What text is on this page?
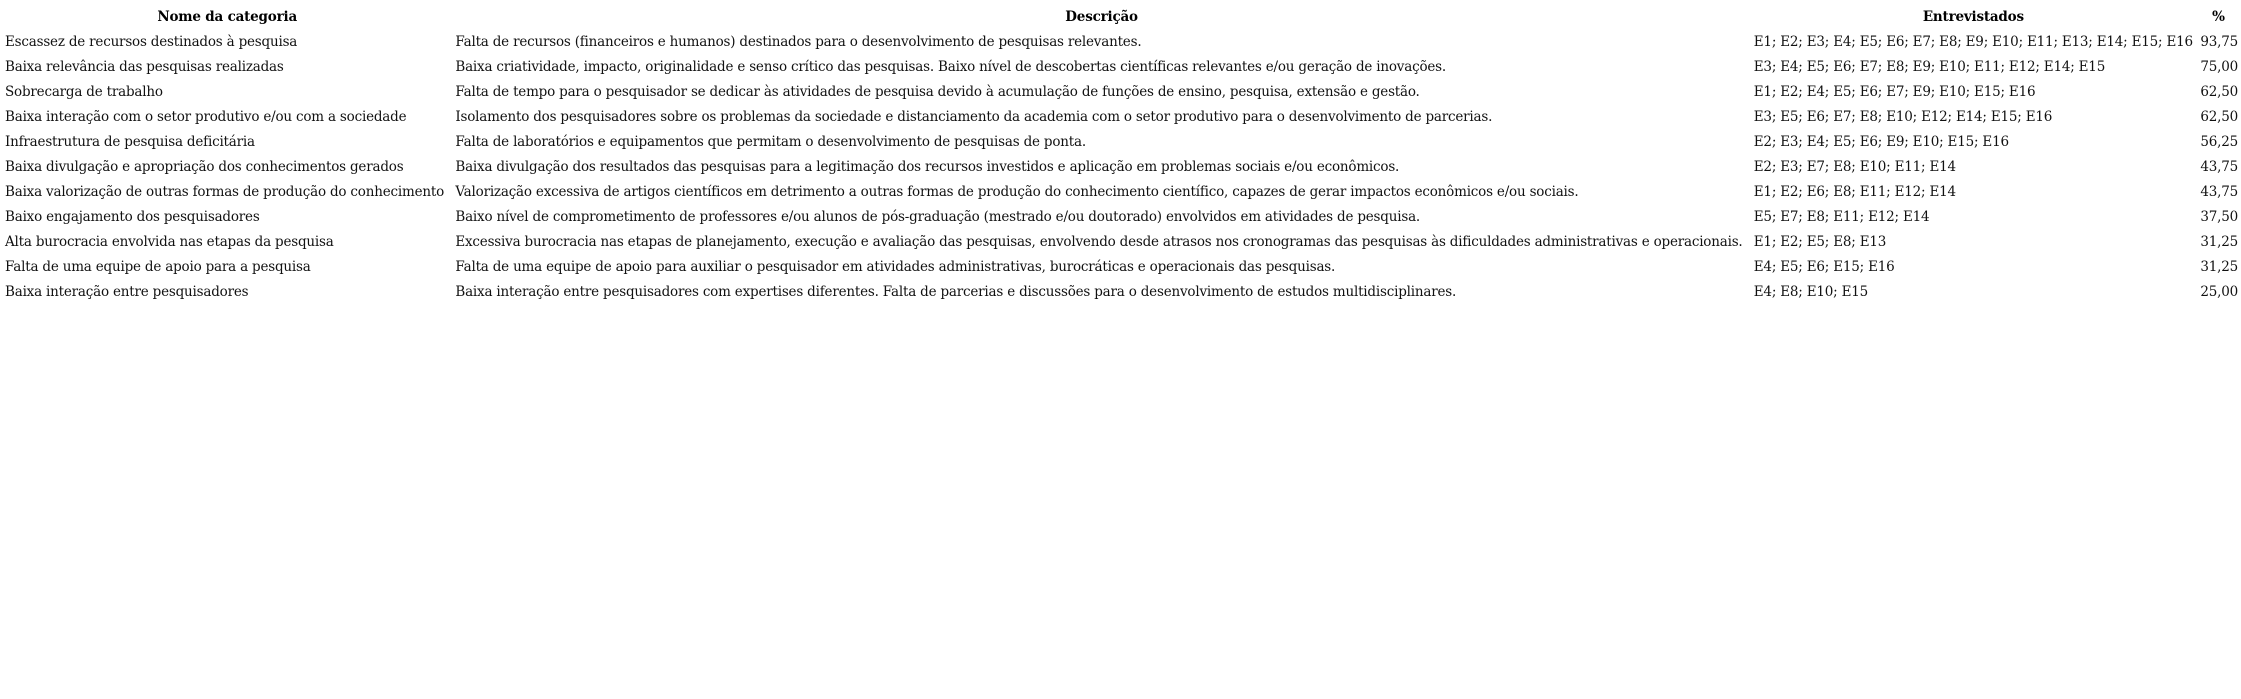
Nome da categoria	Descrição	Entrevistados	%
Escassez de recursos destinados à pesquisa	Falta de recursos (financeiros e humanos) destinados para o desenvolvimento de pesquisas relevantes.	E1; E2; E3; E4; E5; E6; E7; E8; E9; E10; E11; E13; E14; E15; E16	93,75
Baixa relevância das pesquisas realizadas	Baixa criatividade, impacto, originalidade e senso crítico das pesquisas. Baixo nível de descobertas científicas relevantes e/ou geração de inovações.	E3; E4; E5; E6; E7; E8; E9; E10; E11; E12; E14; E15	75,00
Sobrecarga de trabalho	Falta de tempo para o pesquisador se dedicar às atividades de pesquisa devido à acumulação de funções de ensino, pesquisa, extensão e gestão.	E1; E2; E4; E5; E6; E7; E9; E10; E15; E16	62,50
Baixa interação com o setor produtivo e/ou com a sociedade	Isolamento dos pesquisadores sobre os problemas da sociedade e distanciamento da academia com o setor produtivo para o desenvolvimento de parcerias.	E3; E5; E6; E7; E8; E10; E12; E14; E15; E16	62,50
Infraestrutura de pesquisa deficitária	Falta de laboratórios e equipamentos que permitam o desenvolvimento de pesquisas de ponta.	E2; E3; E4; E5; E6; E9; E10; E15; E16	56,25
Baixa divulgação e apropriação dos conhecimentos gerados	Baixa divulgação dos resultados das pesquisas para a legitimação dos recursos investidos e aplicação em problemas sociais e/ou econômicos.	E2; E3; E7; E8; E10; E11; E14	43,75
Baixa valorização de outras formas de produção do conhecimento	Valorização excessiva de artigos científicos em detrimento a outras formas de produção do conhecimento científico, capazes de gerar impactos econômicos e/ou sociais.	E1; E2; E6; E8; E11; E12; E14	43,75
Baixo engajamento dos pesquisadores	Baixo nível de comprometimento de professores e/ou alunos de pós-graduação (mestrado e/ou doutorado) envolvidos em atividades de pesquisa.	E5; E7; E8; E11; E12; E14	37,50
Alta burocracia envolvida nas etapas da pesquisa	Excessiva burocracia nas etapas de planejamento, execução e avaliação das pesquisas, envolvendo desde atrasos nos cronogramas das pesquisas às dificuldades administrativas e operacionais.	E1; E2; E5; E8; E13	31,25
Falta de uma equipe de apoio para a pesquisa	Falta de uma equipe de apoio para auxiliar o pesquisador em atividades administrativas, burocráticas e operacionais das pesquisas.	E4; E5; E6; E15; E16	31,25
Baixa interação entre pesquisadores	Baixa interação entre pesquisadores com expertises diferentes. Falta de parcerias e discussões para o desenvolvimento de estudos multidisciplinares.	E4; E8; E10; E15	25,00
